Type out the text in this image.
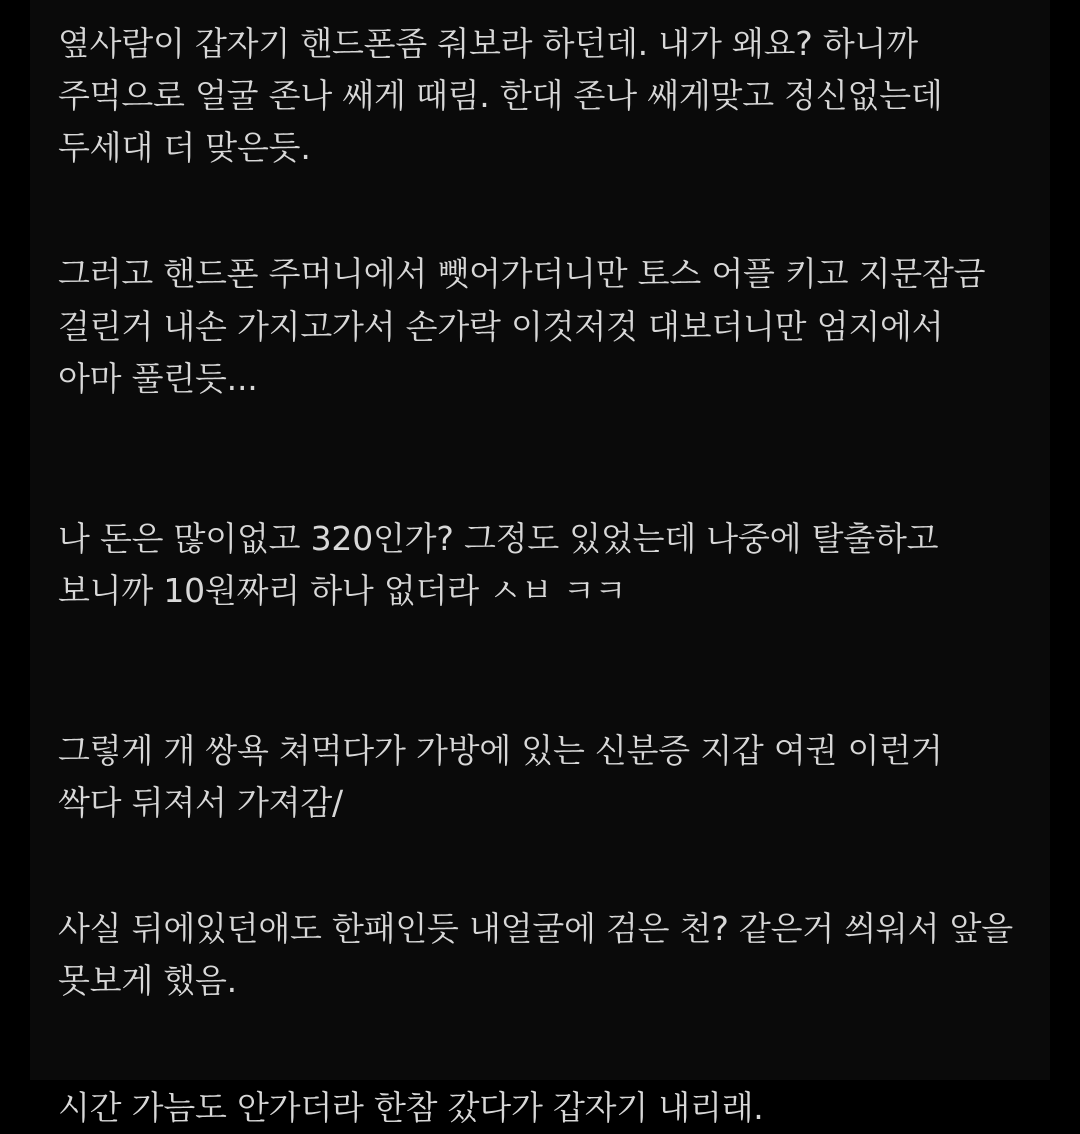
옆사람이 갑자기 핸드폰좀 줘보라 하던데. 내가 왜요? 하니까 주먹으로 얼굴 존나 쌔게 때림. 한대 존나 쌔게맞고 정신없는데 두세대 더 맞은듯.

그러고 핸드폰 주머니에서 뺏어가더니만 토스 어플 키고 지문잠금 걸린거 내손 가지고가서 손가락 이것저것 대보더니만 엄지에서 아마 풀린듯...

나 돈은 많이없고 320인가? 그정도 있었는데 나중에 탈출하고 보니까 10원짜리 하나 없더라 ㅅㅂ ㅋㅋ

그렇게 개 쌍욕 쳐먹다가 가방에 있는 신분증 지갑 여권 이런거 싹다 뒤져서 가져감/

사실 뒤에있던애도 한패인듯 내얼굴에 검은 천? 같은거 씌워서 앞을 못보게 했음.

시간 가늠도 안가더라 한참 갔다가 갑자기 내리래.
